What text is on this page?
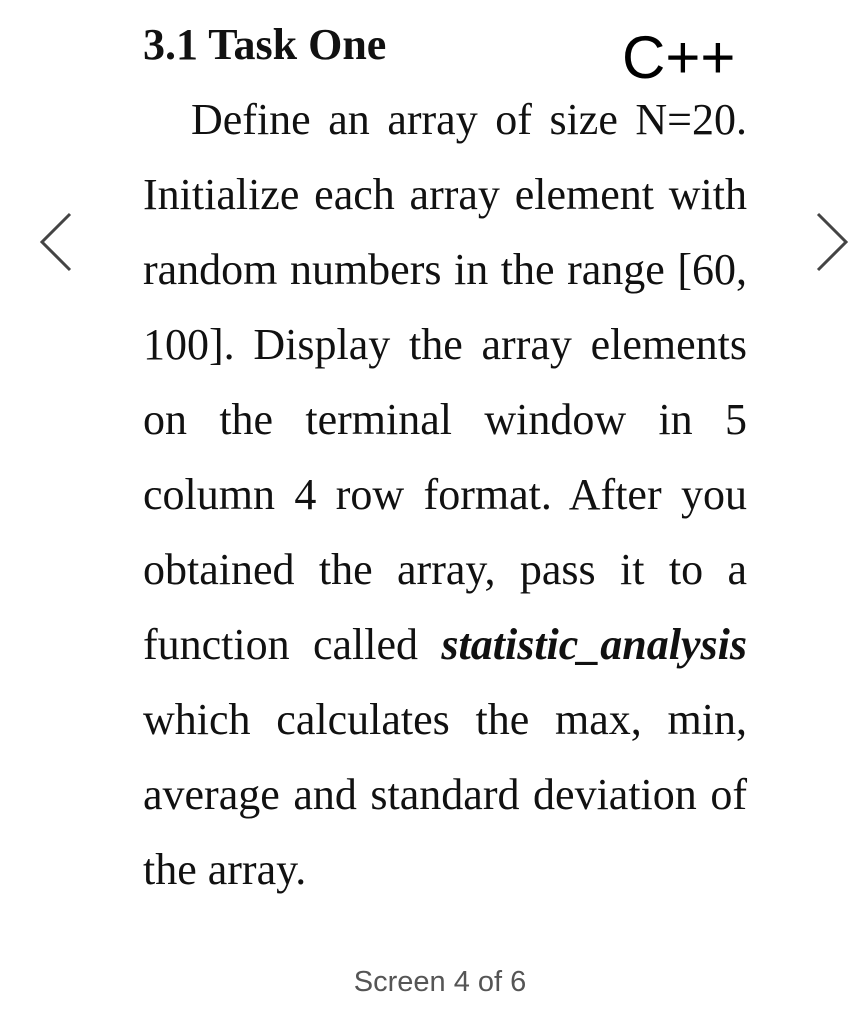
3.1 Task One	C++

Define an array of size N=20. Initialize each array element with random numbers in the range [60, 100]. Display the array elements on the terminal window in 5 column 4 row format. After you obtained the array, pass it to a function called statistic_analysis which calculates the max, min, average and standard deviation of the array.

Screen 4 of 6
